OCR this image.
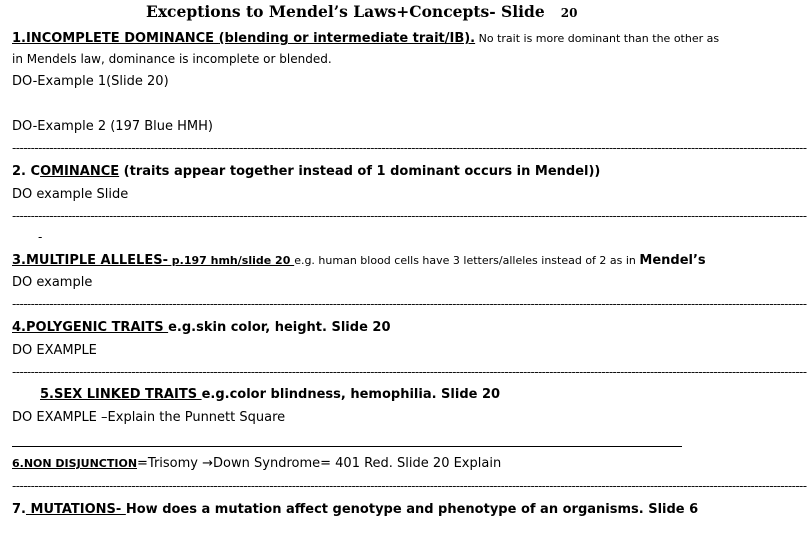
Exceptions to Mendel’s Laws+Concepts- Slide 20
1.INCOMPLETE DOMINANCE (blending or intermediate trait/IB). No trait is more dominant than the other as
in Mendels law, dominance is incomplete or blended.
DO-Example 1(Slide 20)
DO-Example 2 (197 Blue HMH)
---------------------------------------------------------------------------------------------------------------------------------------------------------------------------------------------------------------------
2. COMINANCE (traits appear together instead of 1 dominant occurs in Mendel))
DO example Slide
---------------------------------------------------------------------------------------------------------------------------------------------------------------------------------------------------------------------
-
3.MULTIPLE ALLELES- p.197 hmh/slide 20 e.g. human blood cells have 3 letters/alleles instead of 2 as in Mendel’s
DO example
---------------------------------------------------------------------------------------------------------------------------------------------------------------------------------------------------------------------
4.POLYGENIC TRAITS e.g.skin color, height. Slide 20
DO EXAMPLE
---------------------------------------------------------------------------------------------------------------------------------------------------------------------------------------------------------------------
5.SEX LINKED TRAITS e.g.color blindness, hemophilia. Slide 20
DO EXAMPLE –Explain the Punnett Square
6.NON DISJUNCTION=Trisomy →Down Syndrome= 401 Red. Slide 20 Explain
---------------------------------------------------------------------------------------------------------------------------------------------------------------------------------------------------------------------
7. MUTATIONS- How does a mutation affect genotype and phenotype of an organisms. Slide 6
